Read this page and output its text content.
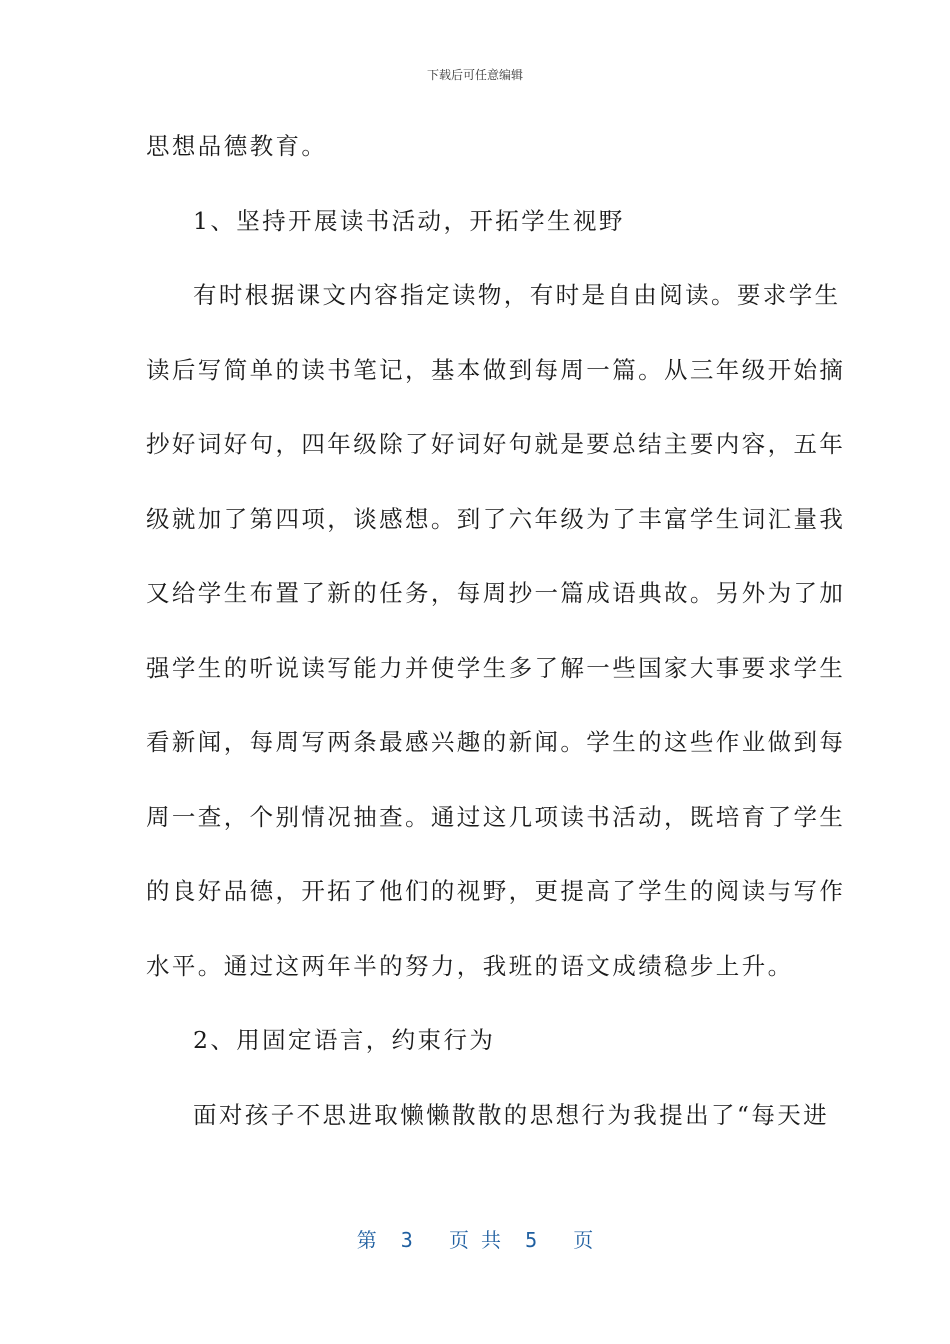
下载后可任意编辑
思想品德教育。
1、坚持开展读书活动，开拓学生视野
有时根据课文内容指定读物，有时是自由阅读。要求学生
读后写简单的读书笔记，基本做到每周一篇。从三年级开始摘
抄好词好句，四年级除了好词好句就是要总结主要内容，五年
级就加了第四项，谈感想。到了六年级为了丰富学生词汇量我
又给学生布置了新的任务，每周抄一篇成语典故。另外为了加
强学生的听说读写能力并使学生多了解一些国家大事要求学生
看新闻，每周写两条最感兴趣的新闻。学生的这些作业做到每
周一查，个别情况抽查。通过这几项读书活动，既培育了学生
的良好品德，开拓了他们的视野，更提高了学生的阅读与写作
水平。通过这两年半的努力，我班的语文成绩稳步上升。
2、用固定语言，约束行为
面对孩子不思进取懒懒散散的思想行为我提出了“每天进
第  3   页 共  5   页
